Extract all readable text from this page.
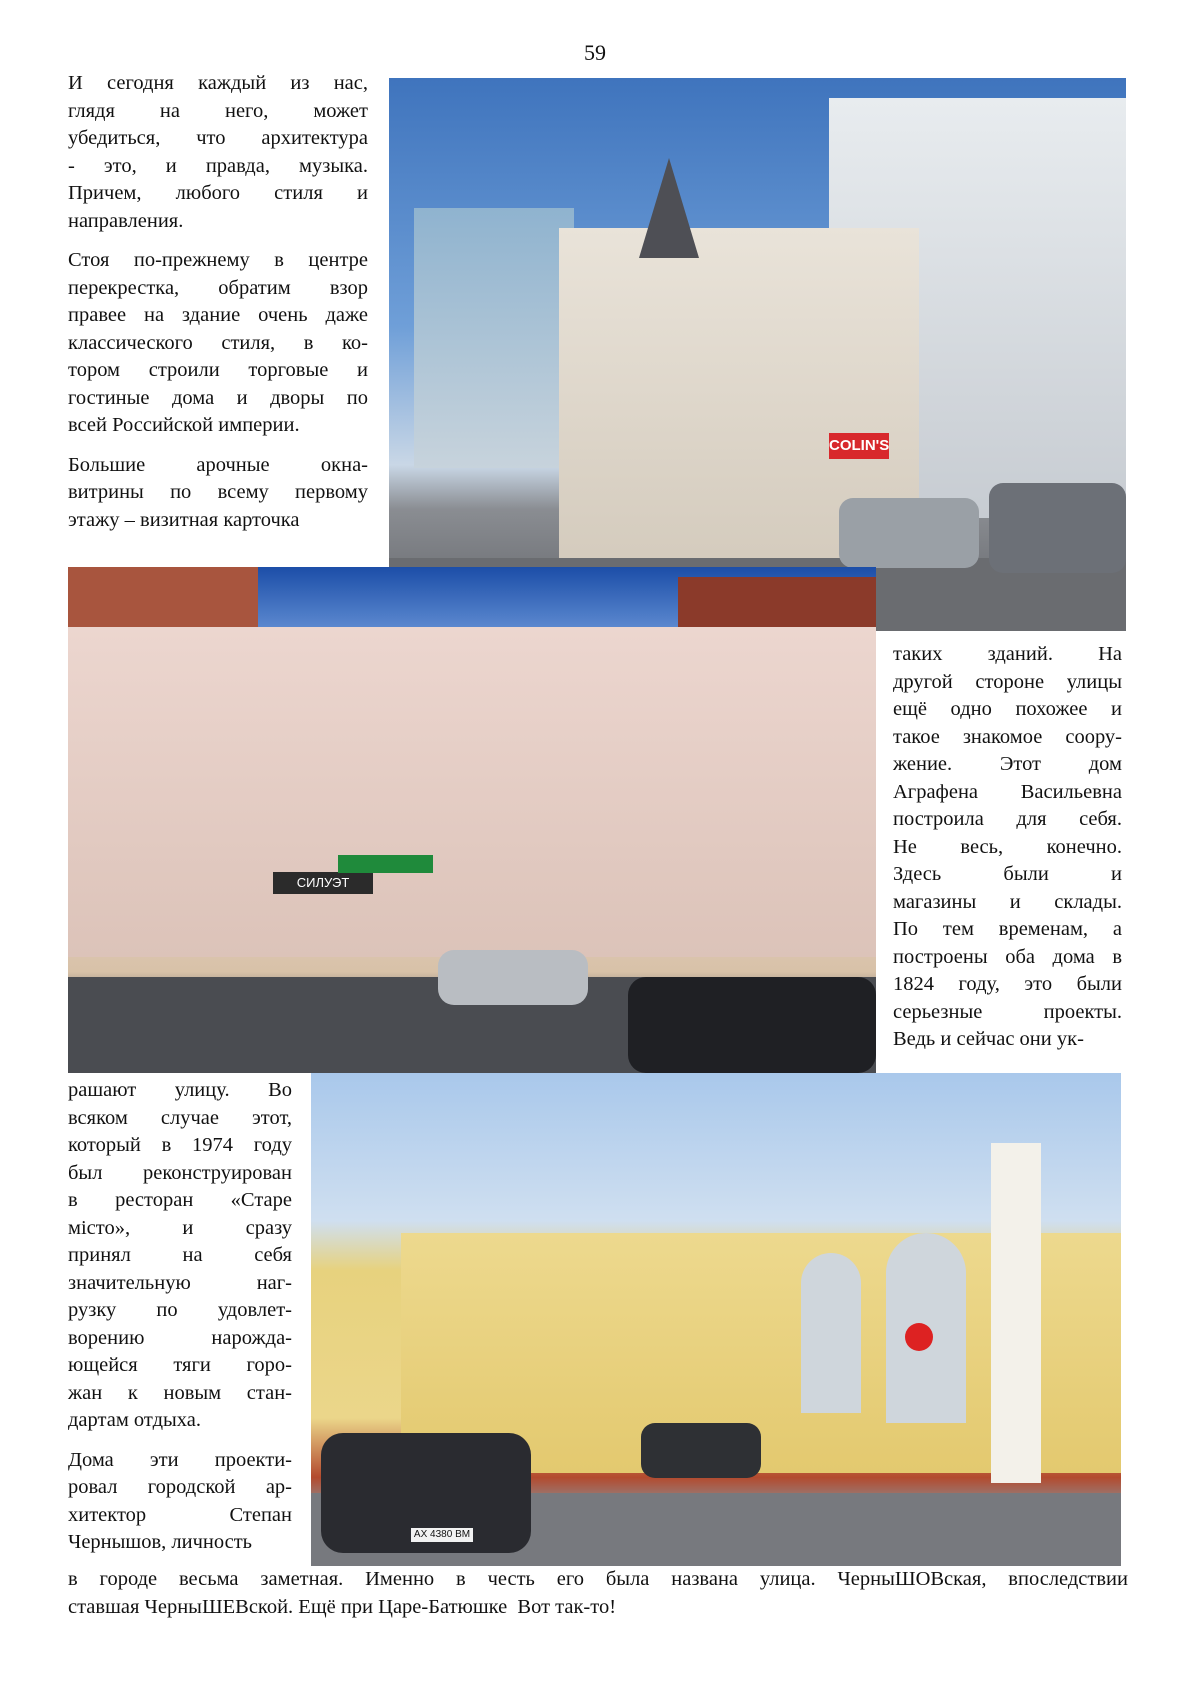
59

И сегодня каждый из нас,
глядя на него, может
убедиться, что архитектура
- это, и правда, музыка.
Причем, любого стиля и
направления.

Стоя по-прежнему в центре
перекрестка, обратим взор
правее на здание очень даже
классического стиля, в ко-
тором строили торговые и
гостиные дома и дворы по
всей Российской империи.

Большие арочные окна-
витрины по всему первому
этажу – визитная карточка

COLIN'S
СИЛУЭТ

таких зданий. На
другой стороне улицы
ещё одно похожее и
такое знакомое соору-
жение. Этот дом
Аграфена Васильевна
построила для себя.
Не весь, конечно.
Здесь были и
магазины и склады.
По тем временам, а
построены оба дома в
1824 году, это были
серьезные проекты.
Ведь и сейчас они ук-

AX 4380 BM

рашают улицу. Во
всяком случае этот,
который в 1974 году
был реконструирован
в ресторан «Старе
місто», и сразу
принял на себя
значительную наг-
рузку по удовлет-
ворению нарожда-
ющейся тяги горо-
жан к новым стан-
дартам отдыха.

Дома эти проекти-
ровал городской ар-
хитектор Степан
Чернышов, личность

в городе весьма заметная. Именно в честь его была названа улица. ЧерныШОВская, впоследствии
ставшая ЧерныШЕВской. Ещё при Царе-Батюшке  Вот так-то!
